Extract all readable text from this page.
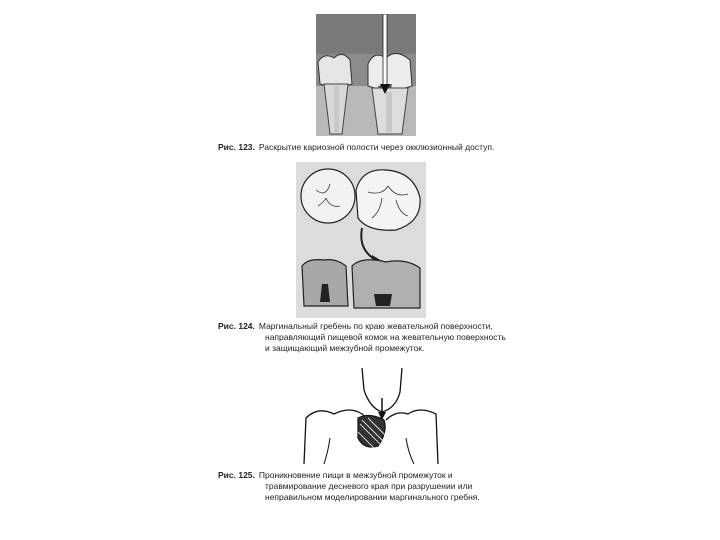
Рис. 123. Раскрытие кариозной полости через окклюзионный доступ.
Рис. 124. Маргинальный гребень по краю жевательной поверхности,
направляющий пищевой комок на жевательную поверхность
и защищающий межзубной промежуток.
Рис. 125. Проникновение пищи в межзубной промежуток и
травмирование десневого края при разрушении или
неправильном моделировании маргинального гребня.
